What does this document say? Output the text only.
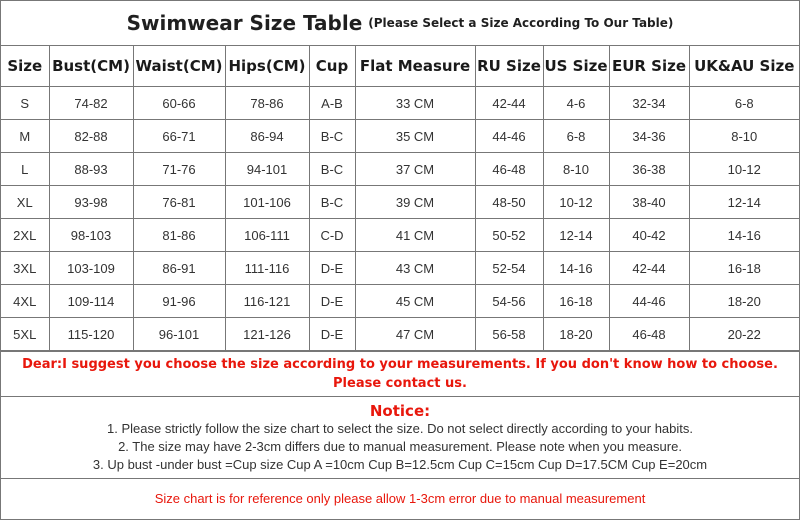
Swimwear Size Table (Please Select a Size According To Our Table)
Size	Bust(CM)	Waist(CM)	Hips(CM)	Cup	Flat Measure	RU Size	US Size	EUR Size	UK&AU Size
S	74-82	60-66	78-86	A-B	33 CM	42-44	4-6	32-34	6-8
M	82-88	66-71	86-94	B-C	35 CM	44-46	6-8	34-36	8-10
L	88-93	71-76	94-101	B-C	37 CM	46-48	8-10	36-38	10-12
XL	93-98	76-81	101-106	B-C	39 CM	48-50	10-12	38-40	12-14
2XL	98-103	81-86	106-111	C-D	41 CM	50-52	12-14	40-42	14-16
3XL	103-109	86-91	111-116	D-E	43 CM	52-54	14-16	42-44	16-18
4XL	109-114	91-96	116-121	D-E	45 CM	54-56	16-18	44-46	18-20
5XL	115-120	96-101	121-126	D-E	47 CM	56-58	18-20	46-48	20-22
Dear:I suggest you choose the size according to your measurements. If you don't know how to choose. Please contact us.
Notice:
1. Please strictly follow the size chart to select the size. Do not select directly according to your habits.
2. The size may have 2-3cm differs due to manual measurement. Please note when you measure.
3. Up bust -under bust =Cup size Cup A =10cm Cup B=12.5cm Cup C=15cm Cup D=17.5CM Cup E=20cm
Size chart is for reference only please allow 1-3cm error due to manual measurement
